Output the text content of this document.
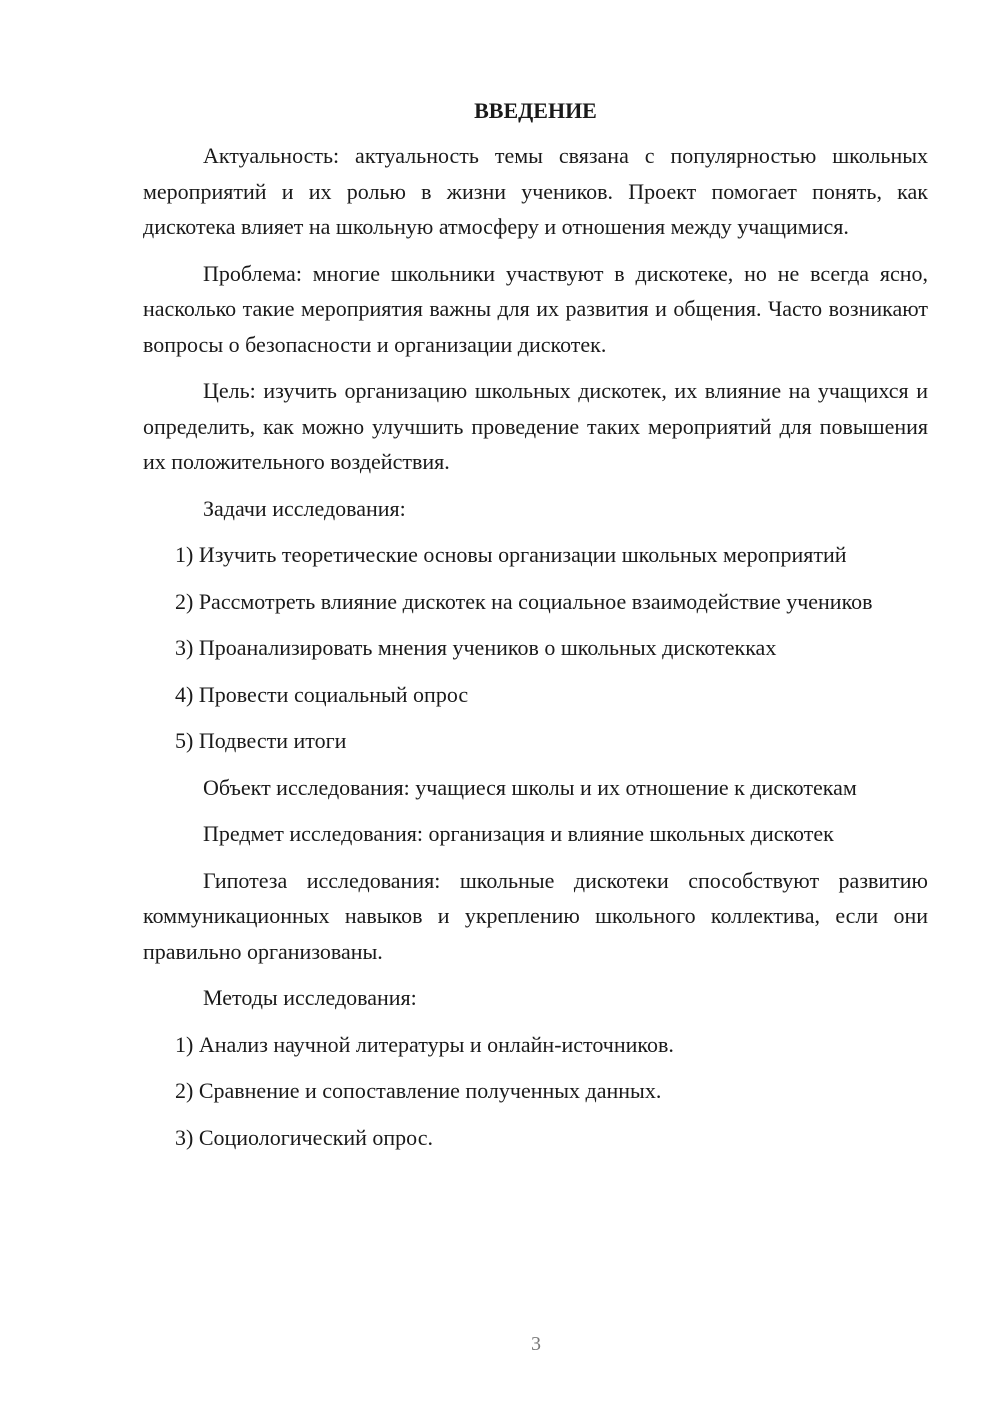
ВВЕДЕНИЕ

Актуальность: актуальность темы связана с популярностью школьных мероприятий и их ролью в жизни учеников. Проект помогает понять, как дискотека влияет на школьную атмосферу и отношения между учащимися.

Проблема: многие школьники участвуют в дискотеке, но не всегда ясно, насколько такие мероприятия важны для их развития и общения. Часто возникают вопросы о безопасности и организации дискотек.

Цель: изучить организацию школьных дискотек, их влияние на учащихся и определить, как можно улучшить проведение таких мероприятий для повышения их положительного воздействия.

Задачи исследования:

1) Изучить теоретические основы организации школьных мероприятий

2) Рассмотреть влияние дискотек на социальное взаимодействие учеников

3) Проанализировать мнения учеников о школьных дискотекках

4) Провести социальный опрос

5) Подвести итоги

Объект исследования: учащиеся школы и их отношение к дискотекам

Предмет исследования: организация и влияние школьных дискотек

Гипотеза исследования: школьные дискотеки способствуют развитию коммуникационных навыков и укреплению школьного коллектива, если они правильно организованы.

Методы исследования:

1) Анализ научной литературы и онлайн-источников.

2) Сравнение и сопоставление полученных данных.

3) Социологический опрос.

3
